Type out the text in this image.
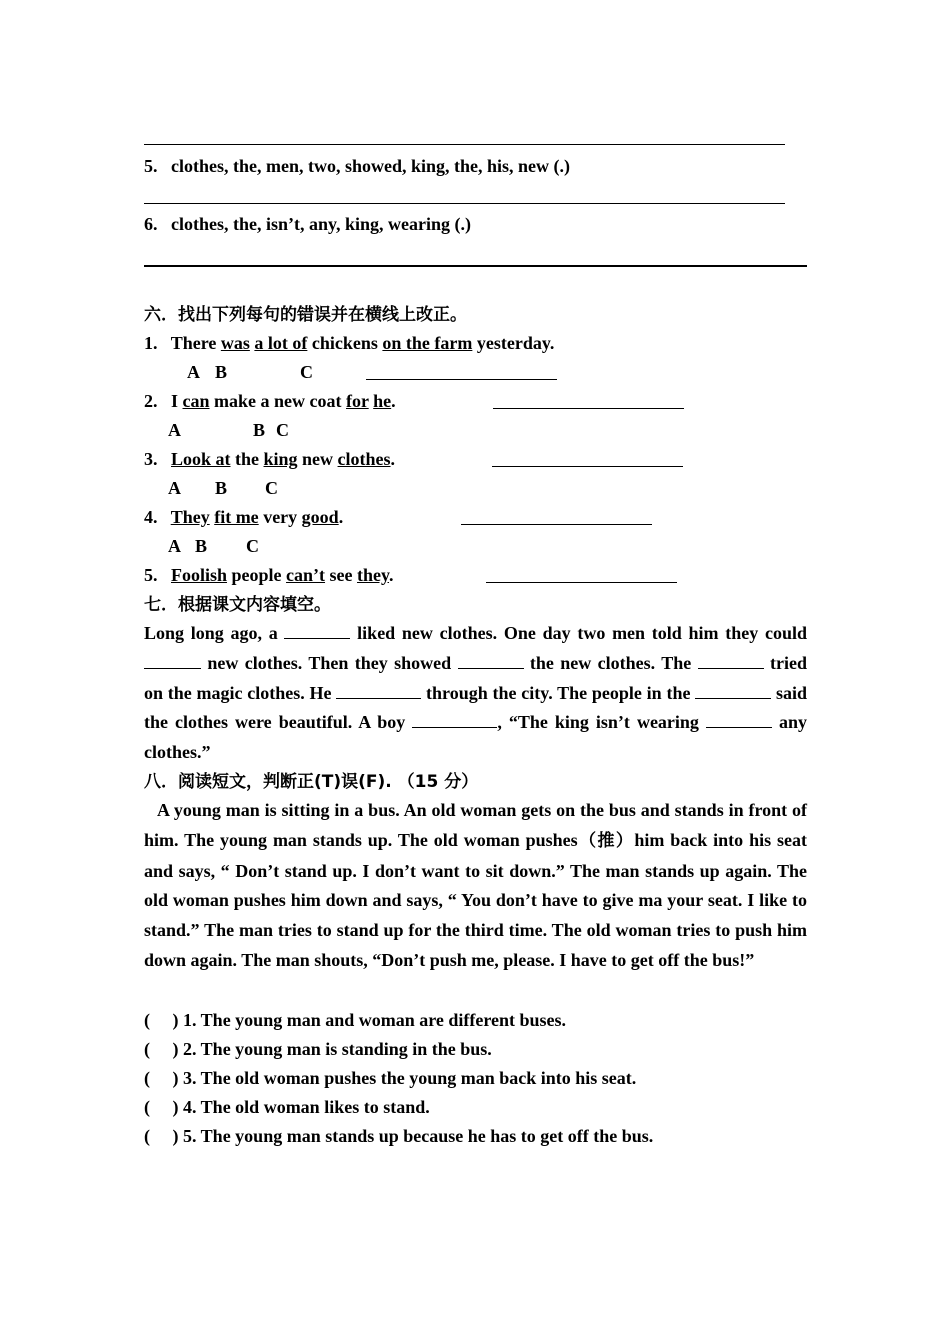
5. clothes, the, men, two, showed, king, the, his, new (.)
6. clothes, the, isn’t, any, king, wearing (.)
六．找出下列每句的错误并在横线上改正。
1. There was a lot of chickens on the farm yesterday.
A B	C
2. I can make a new coat for he.
A	B C
3. Look at the king new clothes.
A B C
4. They fit me very good.
A B C
5. Foolish people can’t see they.
七．根据课文内容填空。
Long long ago, a	liked new clothes. One day two men told him they could  new clothes. Then they showed	the new clothes. The	tried on the magic clothes. He	through the city. The people in the	said the clothes were beautiful. A boy	, “The king isn’t wearing	any clothes.”
八．阅读短文，判断正(T)误(F). （15 分）
A young man is sitting in a bus. An old woman gets on the bus and stands in front of him. The young man stands up. The old woman pushes（推）him back into his seat and says, “ Don’t stand up. I don’t want to sit down.” The man stands up again. The old woman pushes him down and says, “ You don’t have to give ma your seat. I like to stand.” The man tries to stand up for the third time. The old woman tries to push him down again. The man shouts, “Don’t push me, please. I have to get off the bus!”
(     ) 1. The young man and woman are different buses.
(     ) 2. The young man is standing in the bus.
(     ) 3. The old woman pushes the young man back into his seat.
(     ) 4. The old woman likes to stand.
(     ) 5. The young man stands up because he has to get off the bus.
